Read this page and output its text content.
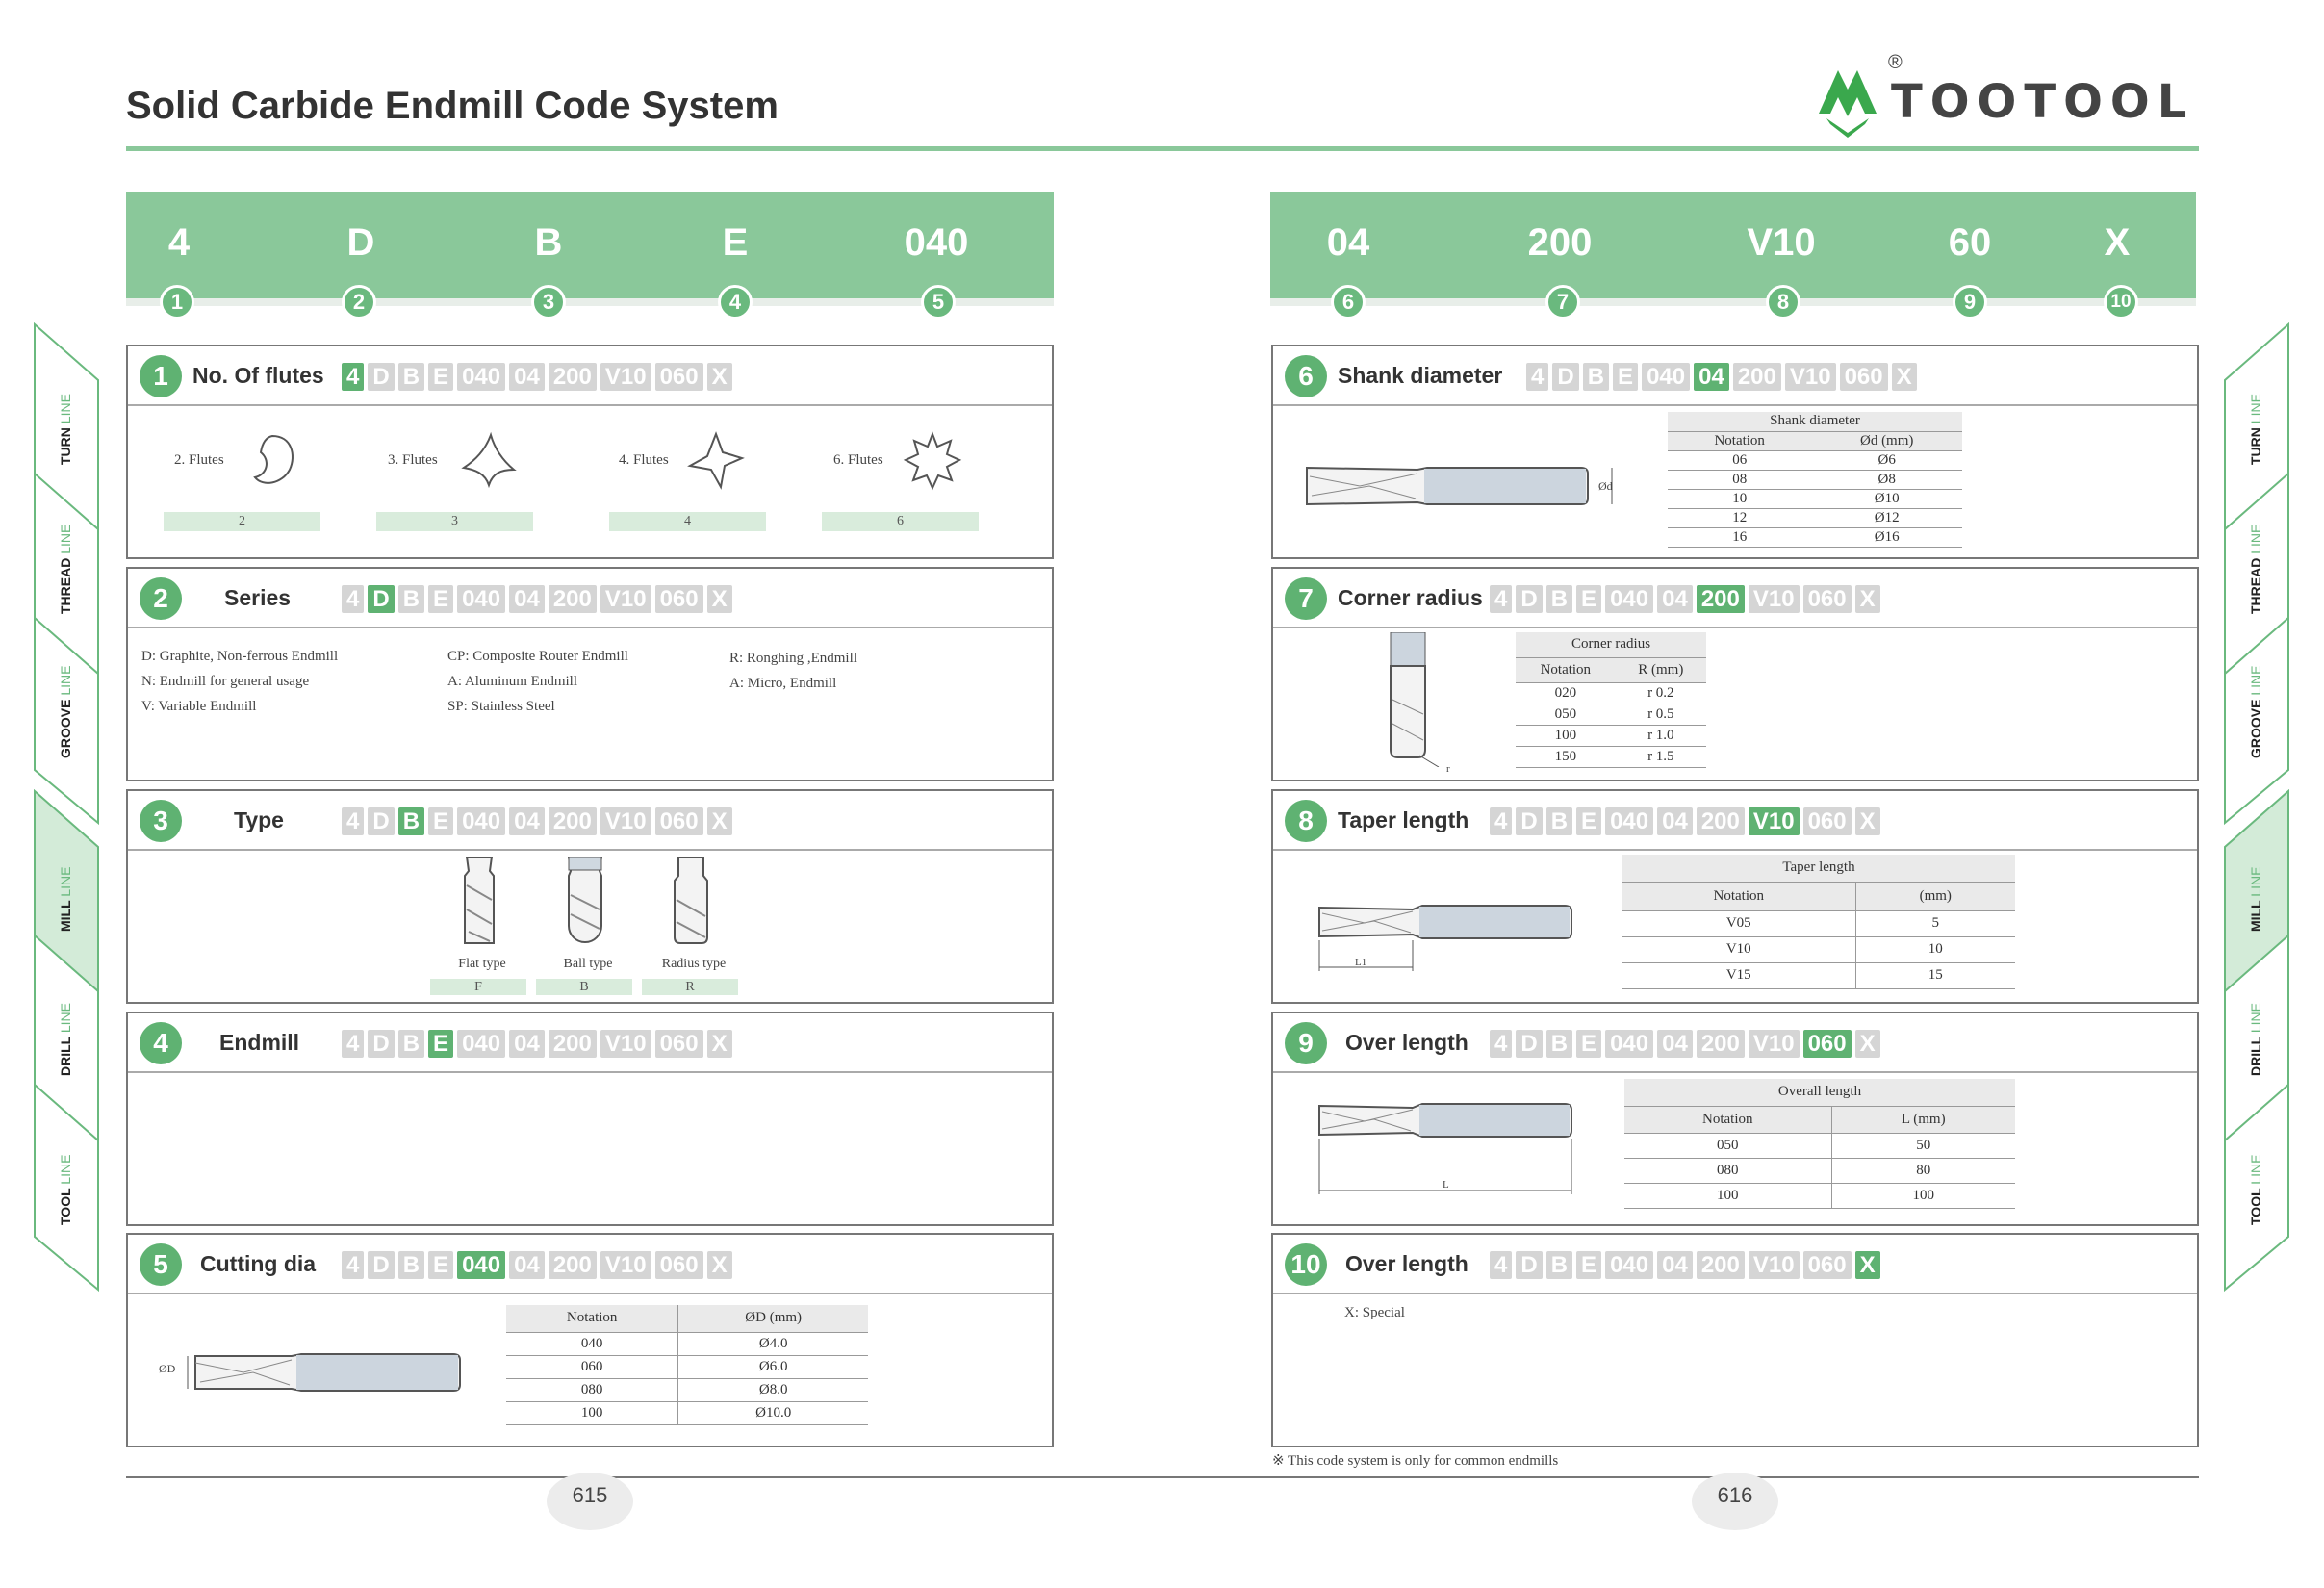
Solid Carbide Endmill Code System
®
TOOTOOL
4	D	B	E	040
1	2	3	4	5
04	200	V10	60	X
6	7	8	9	10
1	No. Of flutes 4 D B E 040 04 200 V10 060 X
2. Flutes	3. Flutes	4. Flutes	6. Flutes
2	3	4	6
2	Series 4 D B E 040 04 200 V10 060 X
D: Graphite, Non-ferrous Endmill
N: Endmill for general usage
V: Variable Endmill
CP: Composite Router Endmill
A: Aluminum Endmill
SP: Stainless Steel
R: Ronghing ,Endmill
A: Micro, Endmill
3	Type	4 D B E 040 04 200 V10 060 X
Flat type	Ball type	Radius type
F	B	R
4	Endmill 4 D B E 040 04 200 V10 060 X
5	Cutting dia 4 D B E 040 04 200 V10 060 X
ØD
Notation	ØD (mm)
040	Ø4.0
060	Ø6.0
080	Ø8.0
100	Ø10.0
6	Shank diameter 4 D B E 040 04 200 V10 060 X
Ød
Shank diameter	
Notation	Ød (mm)
06	Ø6
08	Ø8
10	Ø10
12	Ø12
16	Ø16
7	Corner radius 4 D B E 040 04 200 V10 060 X
r
Corner radius	
Notation	R (mm)
020	r 0.2
050	r 0.5
100	r 1.0
150	r 1.5
8	Taper length 4 D B E 040 04 200 V10 060 X
L1
Taper length	
Notation	(mm)
V05	5
V10	10
V15	15
9	Over length 4 D B E 040 04 200 V10 060 X
L
Overall length	
Notation	L (mm)
050	50
080	80
100	100
10 Over length 4 D B E 040 04 200 V10 060 X
X: Special
※ This code system is only for common endmills
615	616
TURN LINE
THREAD LINE
GROOVE LINE
MILL LINE
DRILL LINE
TOOL LINE
TURN LINE
THREAD LINE
GROOVE LINE
MILL LINE
DRILL LINE
TOOL LINE
